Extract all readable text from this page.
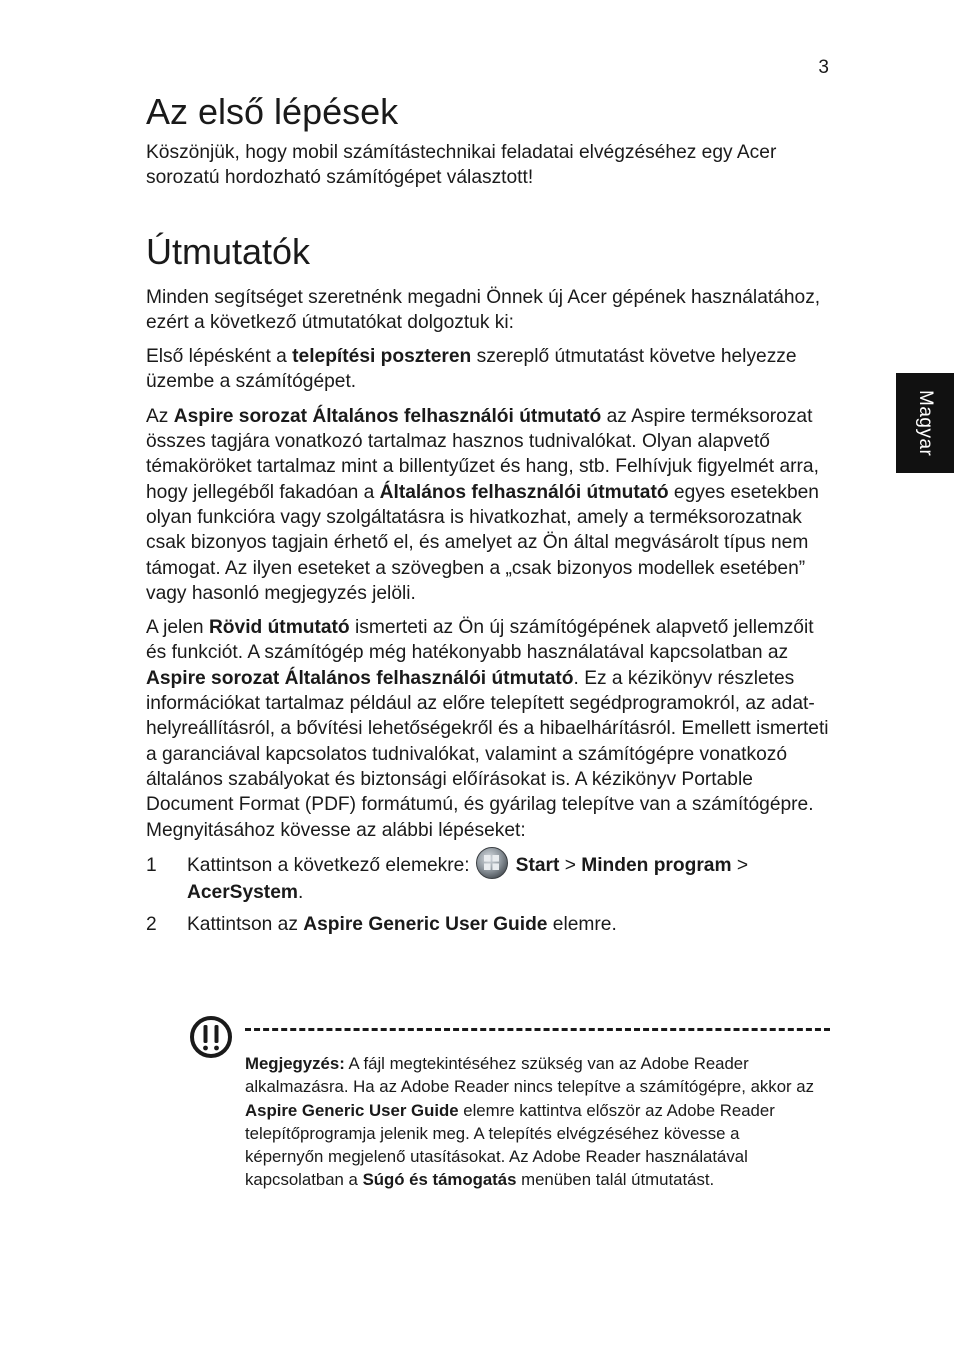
3
Magyar
Az első lépések

Köszönjük, hogy mobil számítástechnikai feladatai elvégzéséhez egy Acer sorozatú hordozható számítógépet választott!

Útmutatók

Minden segítséget szeretnénk megadni Önnek új Acer gépének használatához, ezért a következő útmutatókat dolgoztuk ki:

Első lépésként a telepítési poszteren szereplő útmutatást követve helyezze üzembe a számítógépet.

Az Aspire sorozat Általános felhasználói útmutató az Aspire terméksorozat összes tagjára vonatkozó tartalmaz hasznos tudnivalókat. Olyan alapvető témaköröket tartalmaz mint a billentyűzet és hang, stb. Felhívjuk figyelmét arra, hogy jellegéből fakadóan a Általános felhasználói útmutató egyes esetekben olyan funkcióra vagy szolgáltatásra is hivatkozhat, amely a terméksorozatnak csak bizonyos tagjain érhető el, és amelyet az Ön által megvásárolt típus nem támogat. Az ilyen eseteket a szövegben a „csak bizonyos modellek esetében” vagy hasonló megjegyzés jelöli.

A jelen Rövid útmutató ismerteti az Ön új számítógépének alapvető jellemzőit és funkciót. A számítógép még hatékonyabb használatával kapcsolatban az Aspire sorozat Általános felhasználói útmutató. Ez a kézikönyv részletes információkat tartalmaz például az előre telepített segédprogramokról, az adat-helyreállításról, a bővítési lehetőségekről és a hibaelhárításról. Emellett ismerteti a garanciával kapcsolatos tudnivalókat, valamint a számítógépre vonatkozó általános szabályokat és biztonsági előírásokat is. A kézikönyv Portable Document Format (PDF) formátumú, és gyárilag telepítve van a számítógépre. Megnyitásához kövesse az alábbi lépéseket:

1	Kattintson a következő elemekre: Start > Minden program > AcerSystem.
2	Kattintson az Aspire Generic User Guide elemre.
Megjegyzés: A fájl megtekintéséhez szükség van az Adobe Reader alkalmazásra. Ha az Adobe Reader nincs telepítve a számítógépre, akkor az Aspire Generic User Guide elemre kattintva először az Adobe Reader telepítőprogramja jelenik meg. A telepítés elvégzéséhez kövesse a képernyőn megjelenő utasításokat. Az Adobe Reader használatával kapcsolatban a Súgó és támogatás menüben talál útmutatást.
